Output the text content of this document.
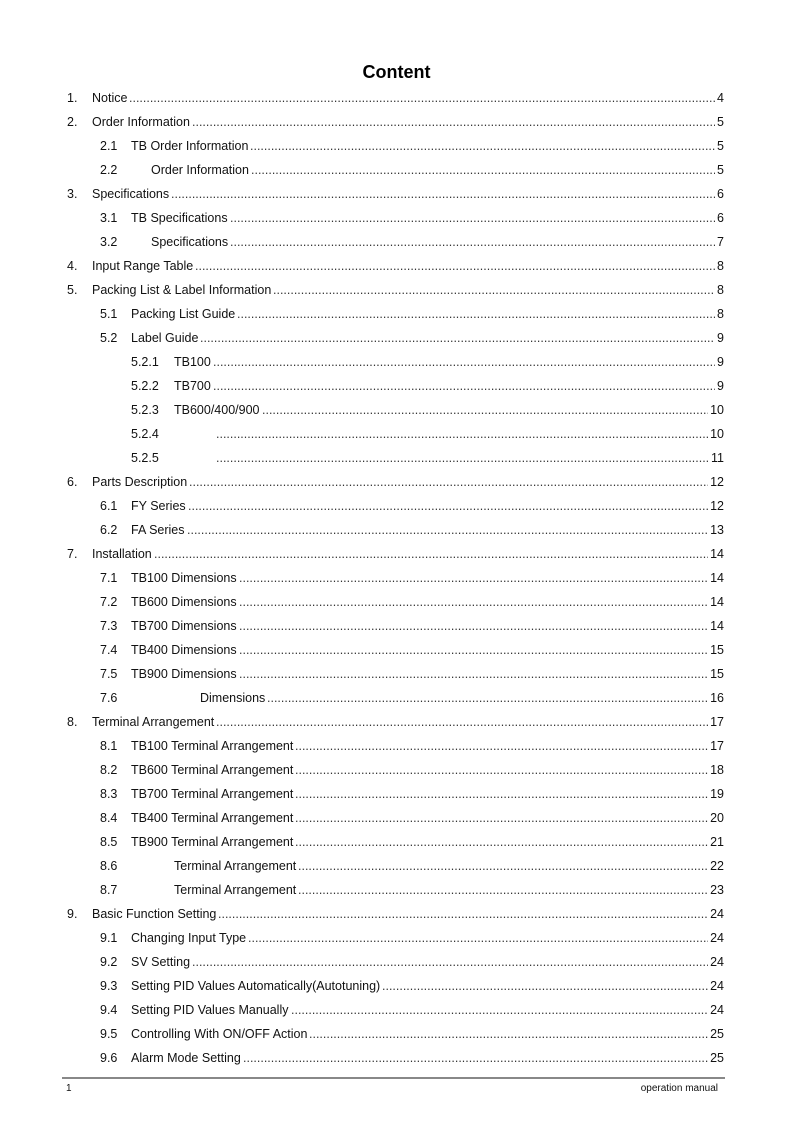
Content
1. Notice .....	4
2. Order Information .....	5
2.1 TB Order Information .....	5
2.2	Order Information .....	5
3. Specifications .....	6
3.1 TB Specifications .....	6
3.2	Specifications .....	7
4. Input Range Table .....	8
5. Packing List & Label Information .....	8
5.1 Packing List Guide .....	8
5.2 Label Guide .....	9
5.2.1 TB100 .....	9
5.2.2 TB700 .....	9
5.2.3 TB600/400/900 .....	10
5.2.4 .....	10
5.2.5 .....	11
6. Parts Description .....	12
6.1 FY Series .....	12
6.2 FA Series .....	13
7. Installation .....	14
7.1 TB100 Dimensions .....	14
7.2 TB600 Dimensions .....	14
7.3 TB700 Dimensions .....	14
7.4 TB400 Dimensions .....	15
7.5 TB900 Dimensions .....	15
7.6	Dimensions .....	16
8. Terminal Arrangement .....	17
8.1 TB100 Terminal Arrangement .....	17
8.2 TB600 Terminal Arrangement .....	18
8.3 TB700 Terminal Arrangement .....	19
8.4 TB400 Terminal Arrangement .....	20
8.5 TB900 Terminal Arrangement .....	21
8.6	Terminal Arrangement .....	22
8.7	Terminal Arrangement .....	23
9. Basic Function Setting .....	24
9.1 Changing Input Type .....	24
9.2 SV Setting .....	24
9.3 Setting PID Values Automatically(Autotuning) .....	24
9.4 Setting PID Values Manually .....	24
9.5 Controlling With ON/OFF Action .....	25
9.6 Alarm Mode Setting .....	25
1	operation manual
